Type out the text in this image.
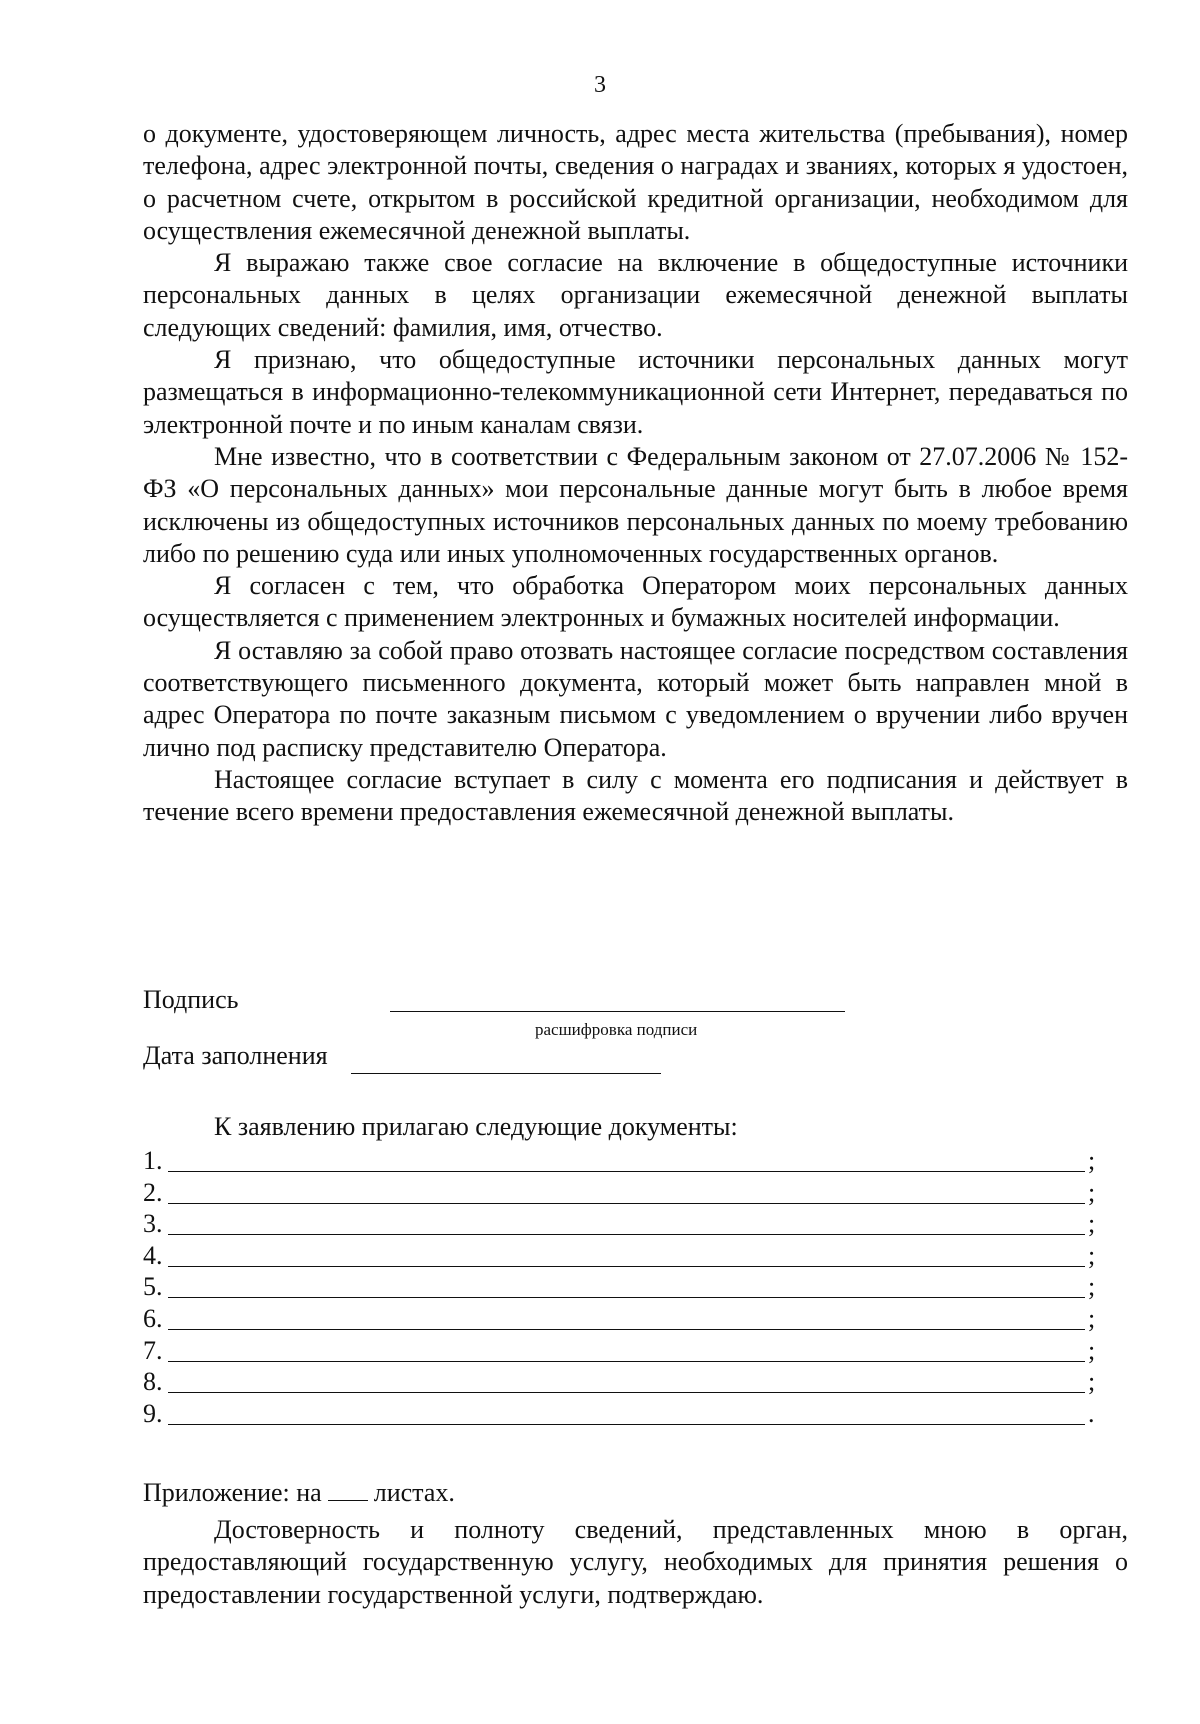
3

о документе, удостоверяющем личность, адрес места жительства (пребывания), номер телефона, адрес электронной почты, сведения о наградах и званиях, которых я удостоен, о расчетном счете, открытом в российской кредитной организации, необходимом для осуществления ежемесячной денежной выплаты.

Я выражаю также свое согласие на включение в общедоступные источники персональных данных в целях организации ежемесячной денежной выплаты следующих сведений: фамилия, имя, отчество.

Я признаю, что общедоступные источники персональных данных могут размещаться в информационно-телекоммуникационной сети Интернет, передаваться по электронной почте и по иным каналам связи.

Мне известно, что в соответствии с Федеральным законом от 27.07.2006 № 152-ФЗ «О персональных данных» мои персональные данные могут быть в любое время исключены из общедоступных источников персональных данных по моему требованию либо по решению суда или иных уполномоченных государственных органов.

Я согласен с тем, что обработка Оператором моих персональных данных осуществляется с применением электронных и бумажных носителей информации.

Я оставляю за собой право отозвать настоящее согласие посредством составления соответствующего письменного документа, который может быть направлен мной в адрес Оператора по почте заказным письмом с уведомлением о вручении либо вручен лично под расписку представителю Оператора.

Настоящее согласие вступает в силу с момента его подписания и действует в течение всего времени предоставления ежемесячной денежной выплаты.

Подпись
расшифровка подписи
Дата заполнения
К заявлению прилагаю следующие документы:
1.	;
2.	;
3.	;
4.	;
5.	;
6.	;
7.	;
8.	;
9.	.
Приложение: на листах.

Достоверность и полноту сведений, представленных мною в орган, предоставляющий государственную услугу, необходимых для принятия решения о предоставлении государственной услуги, подтверждаю.
